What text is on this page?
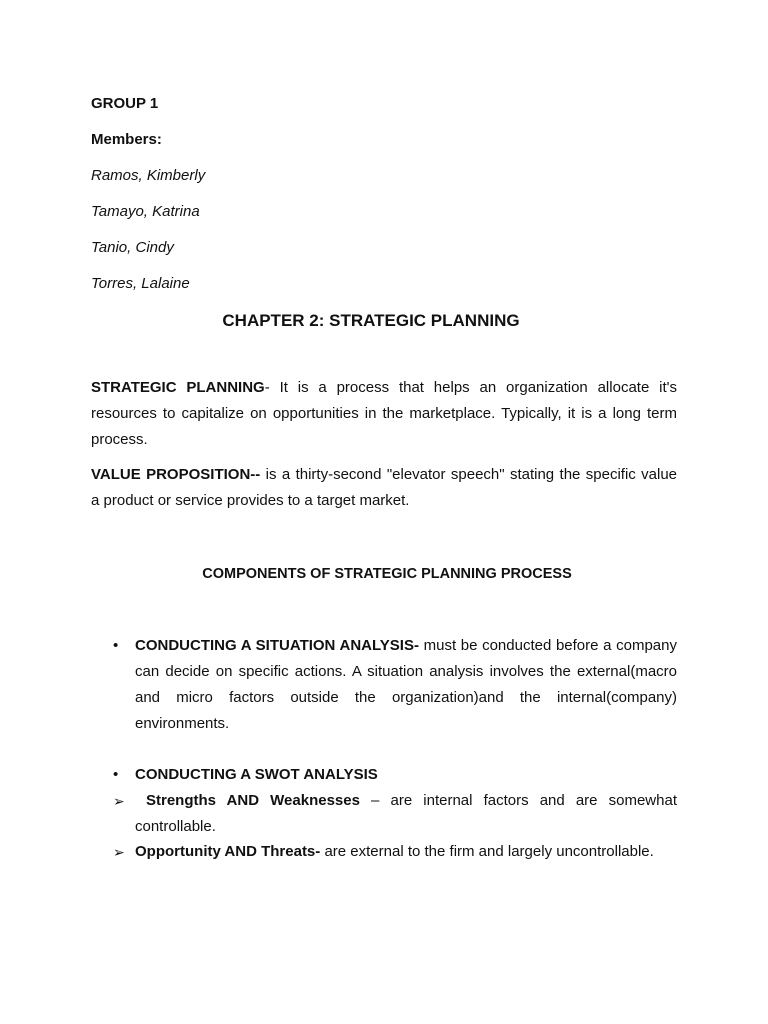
GROUP 1
Members:
Ramos, Kimberly
Tamayo, Katrina
Tanio, Cindy
Torres, Lalaine
CHAPTER 2: STRATEGIC PLANNING
STRATEGIC PLANNING- It is a process that helps an organization allocate it's resources to capitalize on opportunities in the marketplace. Typically, it is a long term process.
VALUE PROPOSITION-- is a thirty-second "elevator speech" stating the specific value a product or service provides to a target market.
COMPONENTS OF STRATEGIC PLANNING PROCESS
• CONDUCTING A SITUATION ANALYSIS- must be conducted before a company can decide on specific actions. A situation analysis involves the external(macro and micro factors outside the organization)and the internal(company) environments.
• CONDUCTING A SWOT ANALYSIS
➢	Strengths AND Weaknesses – are internal factors and are somewhat controllable.
➢ Opportunity AND Threats- are external to the firm and largely uncontrollable.
